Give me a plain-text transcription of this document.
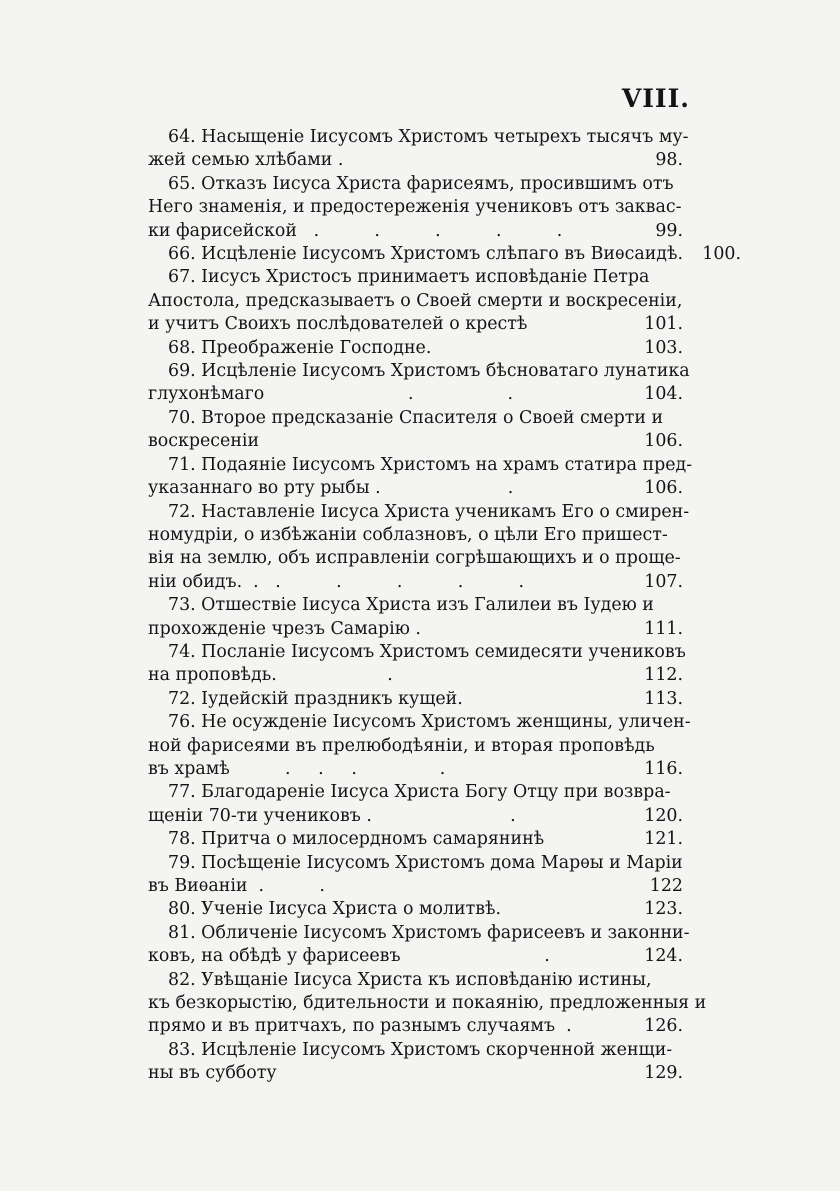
VIII.
64. Насыщеніе Іисусомъ Христомъ четырехъ тысячъ му-
жей семью хлѣбами .	98.
65. Отказъ Іисуса Христа фарисеямъ, просившимъ отъ
Него знаменія, и предостереженія учениковъ отъ заквас-
ки фарисейской   .          .          .          .          .	99.
66. Исцѣленіе Іисусомъ Христомъ слѣпаго въ Виѳсаидѣ.	100.
67. Іисусъ Христосъ принимаетъ исповѣданіе Петра
Апостола, предсказываетъ о Своей смерти и воскресеніи,
и учитъ Своихъ послѣдователей о крестѣ	101.
68. Преображеніе Господне.	103.
69. Исцѣленіе Іисусомъ Христомъ бѣсноватаго лунатика
глухонѣмаго                          .                 .	104.
70. Второе предсказаніе Спасителя о Своей смерти и
воскресеніи	106.
71. Подаяніе Іисусомъ Христомъ на храмъ статира пред-
указаннаго во рту рыбы .                       .	106.
72. Наставленіе Іисуса Христа ученикамъ Его о смирен-
номудріи, о избѣжаніи соблазновъ, о цѣли Его пришест-
вія на землю, объ исправленіи согрѣшающихъ и о проще-
ніи обидъ.  .   .          .          .          .          .	107.
73. Отшествіе Іисуса Христа изъ Галилеи въ Іудею и
прохожденіе чрезъ Самарію .	111.
74. Посланіе Іисусомъ Христомъ семидесяти учениковъ
на проповѣдь.                    .	112.
72. Іудейскій праздникъ кущей.	113.
76. Не осужденіе Іисусомъ Христомъ женщины, уличен-
ной фарисеями въ прелюбодѣяніи, и вторая проповѣдь
въ храмѣ          .     .     .               .	116.
77. Благодареніе Іисуса Христа Богу Отцу при возвра-
щеніи 70-ти учениковъ .                         .	120.
78. Притча о милосердномъ самарянинѣ	121.
79. Посѣщеніе Іисусомъ Христомъ дома Марѳы и Маріи
въ Виѳаніи  .          .	122
80. Ученіе Іисуса Христа о молитвѣ.	123.
81. Обличеніе Іисусомъ Христомъ фарисеевъ и законни-
ковъ, на обѣдѣ у фарисеевъ                          .	124.
82. Увѣщаніе Іисуса Христа къ исповѣданію истины,
къ безкорыстію, бдительности и покаянію, предложенныя и
прямо и въ притчахъ, по разнымъ случаямъ  .	126.
83. Исцѣленіе Іисусомъ Христомъ скорченной женщи-
ны въ субботу	129.
